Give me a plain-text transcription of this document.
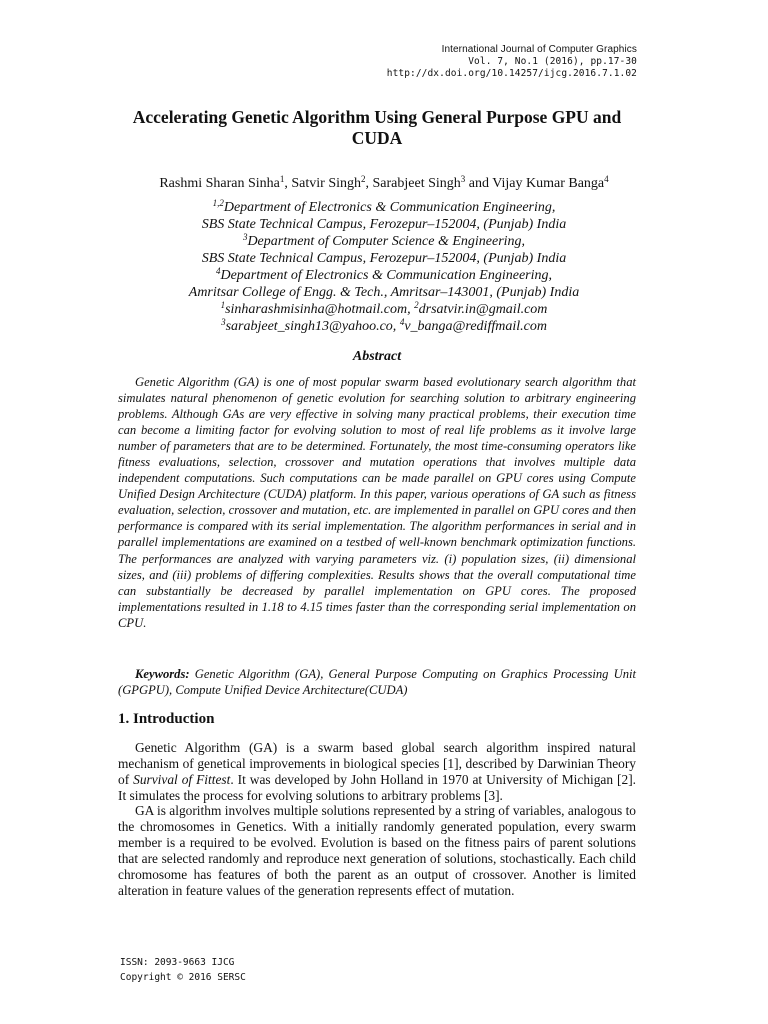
International Journal of Computer Graphics
Vol. 7, No.1 (2016), pp.17-30
http://dx.doi.org/10.14257/ijcg.2016.7.1.02
Accelerating Genetic Algorithm Using General Purpose GPU and CUDA
Rashmi Sharan Sinha$^1$, Satvir Singh$^2$, Sarabjeet Singh$^3$ and Vijay Kumar Banga$^4$
$^{1,2}$Department of Electronics & Communication Engineering,
SBS State Technical Campus, Ferozepur–152004, (Punjab) India
$^3$Department of Computer Science & Engineering,
SBS State Technical Campus, Ferozepur–152004, (Punjab) India
$^4$Department of Electronics & Communication Engineering,
Amritsar College of Engg. & Tech., Amritsar–143001, (Punjab) India
$^1$sinharashmisinha@hotmail.com, $^2$drsatvir.in@gmail.com
$^3$sarabjeet_singh13@yahoo.co, $^4$v_banga@rediffmail.com
Abstract

Genetic Algorithm (GA) is one of most popular swarm based evolutionary search algorithm that simulates natural phenomenon of genetic evolution for searching solution to arbitrary engineering problems. Although GAs are very effective in solving many practical problems, their execution time can become a limiting factor for evolving solution to most of real life problems as it involve large number of parameters that are to be determined. Fortunately, the most time-consuming operators like fitness evaluations, selection, crossover and mutation operations that involves multiple data independent computations. Such computations can be made parallel on GPU cores using Compute Unified Design Architecture (CUDA) platform. In this paper, various operations of GA such as fitness evaluation, selection, crossover and mutation, etc. are implemented in parallel on GPU cores and then performance is compared with its serial implementation. The algorithm performances in serial and in parallel implementations are examined on a testbed of well-known benchmark optimization functions. The performances are analyzed with varying parameters viz. (i) population sizes, (ii) dimensional sizes, and (iii) problems of differing complexities. Results shows that the overall computational time can substantially be decreased by parallel implementation on GPU cores. The proposed implementations resulted in 1.18 to 4.15 times faster than the corresponding serial implementation on CPU.

Keywords: Genetic Algorithm (GA), General Purpose Computing on Graphics Processing Unit (GPGPU), Compute Unified Device Architecture(CUDA)

1. Introduction

Genetic Algorithm (GA) is a swarm based global search algorithm inspired natural mechanism of genetical improvements in biological species [1], described by Darwinian Theory of Survival of Fittest. It was developed by John Holland in 1970 at University of Michigan [2]. It simulates the process for evolving solutions to arbitrary problems [3].

GA is algorithm involves multiple solutions represented by a string of variables, analogous to the chromosomes in Genetics. With a initially randomly generated population, every swarm member is a required to be evolved. Evolution is based on the fitness pairs of parent solutions that are selected randomly and reproduce next generation of solutions, stochastically. Each child chromosome has features of both the parent as an output of crossover. Another is limited alteration in feature values of the generation represents effect of mutation.

ISSN: 2093-9663 IJCG
Copyright © 2016 SERSC
